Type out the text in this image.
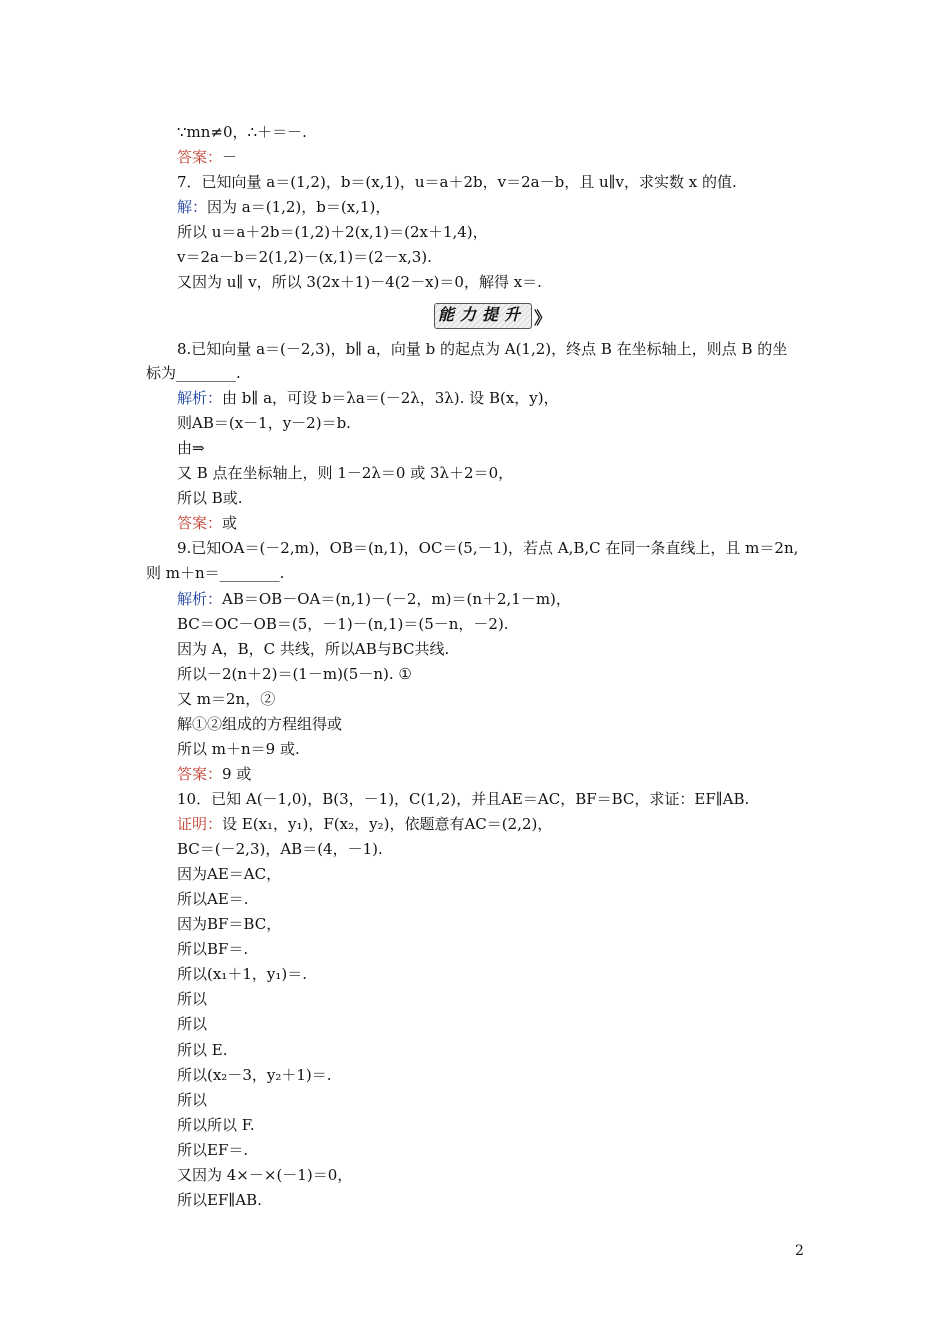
∵mn≠0，∴＋＝－.
答案：－
7．已知向量 a＝(1,2)，b＝(x,1)，u＝a＋2b，v＝2a－b，且 u∥v，求实数 x 的值.
解：因为 a＝(1,2)，b＝(x,1)，
所以 u＝a＋2b＝(1,2)＋2(x,1)＝(2x＋1,4)，
v＝2a－b＝2(1,2)－(x,1)＝(2－x,3).
又因为 u∥ v，所以 3(2x＋1)－4(2－x)＝0，解得 x＝.
能力提升 》
8.已知向量 a＝(－2,3)，b∥ a，向量 b 的起点为 A(1,2)，终点 B 在坐标轴上，则点 B 的坐
标为________.
解析：由 b∥ a，可设 b＝λa＝(－2λ，3λ). 设 B(x，y)，
则AB＝(x－1，y－2)＝b.
由⇒
又 B 点在坐标轴上，则 1－2λ＝0 或 3λ＋2＝0，
所以 B或.
答案：或
9.已知OA＝(－2,m)，OB＝(n,1)，OC＝(5,－1)，若点 A,B,C 在同一条直线上，且 m＝2n,
则 m＋n＝________.
解析：AB＝OB－OA＝(n,1)－(－2，m)＝(n＋2,1－m)，
BC＝OC－OB＝(5，－1)－(n,1)＝(5－n，－2).
因为 A，B，C 共线，所以AB与BC共线.
所以－2(n＋2)＝(1－m)(5－n). ①
又 m＝2n，②
解①②组成的方程组得或
所以 m＋n＝9 或.
答案：9 或
10．已知 A(－1,0)，B(3，－1)，C(1,2)，并且AE＝AC，BF＝BC，求证：EF∥AB.
证明：设 E(x₁，y₁)，F(x₂，y₂)，依题意有AC＝(2,2)，
BC＝(－2,3)，AB＝(4，－1).
因为AE＝AC，
所以AE＝.
因为BF＝BC，
所以BF＝.
所以(x₁＋1，y₁)＝.
所以
所以
所以 E.
所以(x₂－3，y₂＋1)＝.
所以
所以所以 F.
所以EF＝.
又因为 4×－×(－1)＝0，
所以EF∥AB.
2
